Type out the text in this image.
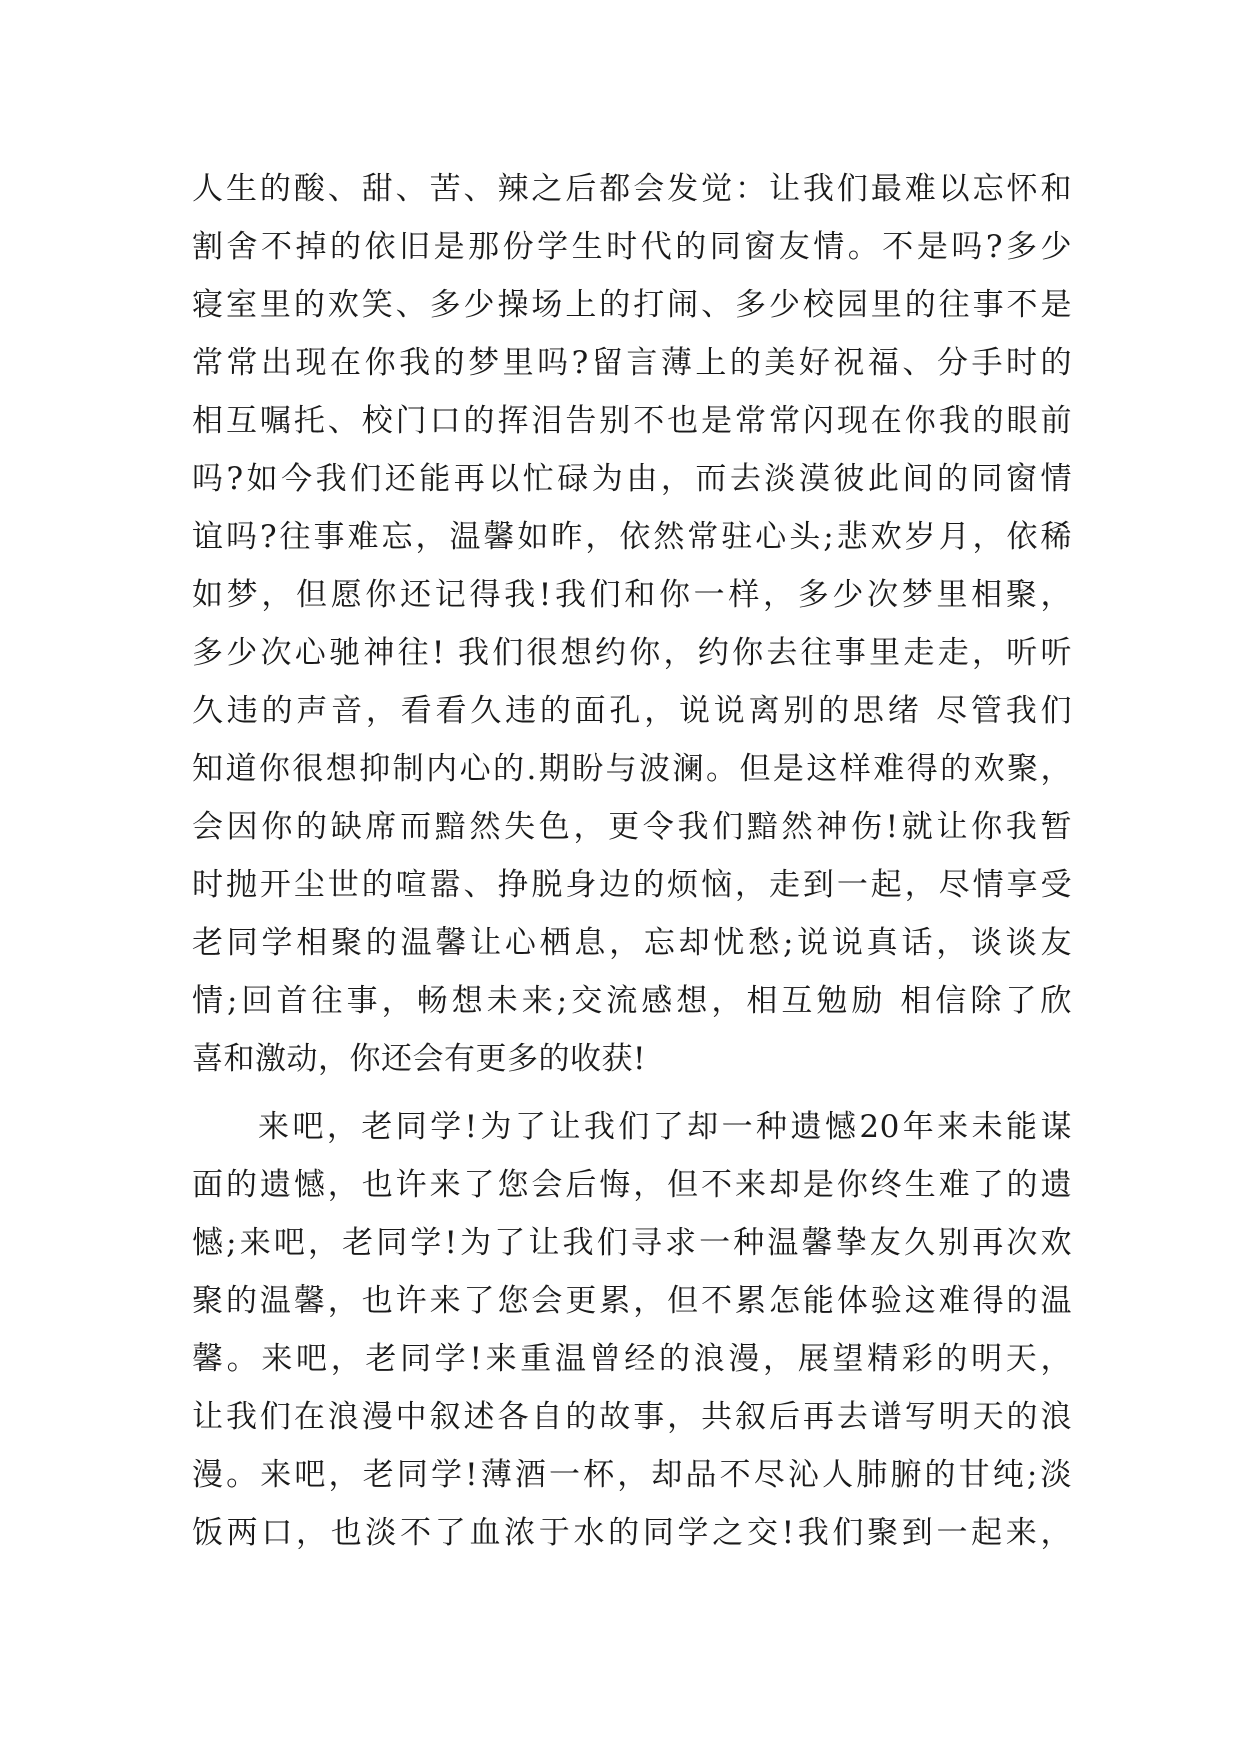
人生的酸、甜、苦、辣之后都会发觉：让我们最难以忘怀和
割舍不掉的依旧是那份学生时代的同窗友情。不是吗?多少
寝室里的欢笑、多少操场上的打闹、多少校园里的往事不是
常常出现在你我的梦里吗?留言薄上的美好祝福、分手时的
相互嘱托、校门口的挥泪告别不也是常常闪现在你我的眼前
吗?如今我们还能再以忙碌为由，而去淡漠彼此间的同窗情
谊吗?往事难忘，温馨如昨，依然常驻心头;悲欢岁月，依稀
如梦，但愿你还记得我!我们和你一样，多少次梦里相聚，
多少次心驰神往! 我们很想约你，约你去往事里走走，听听
久违的声音，看看久违的面孔，说说离别的思绪 尽管我们
知道你很想抑制内心的.期盼与波澜。但是这样难得的欢聚，
会因你的缺席而黯然失色，更令我们黯然神伤!就让你我暂
时抛开尘世的喧嚣、挣脱身边的烦恼，走到一起，尽情享受
老同学相聚的温馨让心栖息，忘却忧愁;说说真话，谈谈友
情;回首往事，畅想未来;交流感想，相互勉励 相信除了欣
喜和激动，你还会有更多的收获!
来吧，老同学!为了让我们了却一种遗憾20年来未能谋
面的遗憾，也许来了您会后悔，但不来却是你终生难了的遗
憾;来吧，老同学!为了让我们寻求一种温馨挚友久别再次欢
聚的温馨，也许来了您会更累，但不累怎能体验这难得的温
馨。来吧，老同学!来重温曾经的浪漫，展望精彩的明天，
让我们在浪漫中叙述各自的故事，共叙后再去谱写明天的浪
漫。来吧，老同学!薄酒一杯，却品不尽沁人肺腑的甘纯;淡
饭两口，也淡不了血浓于水的同学之交!我们聚到一起来，
